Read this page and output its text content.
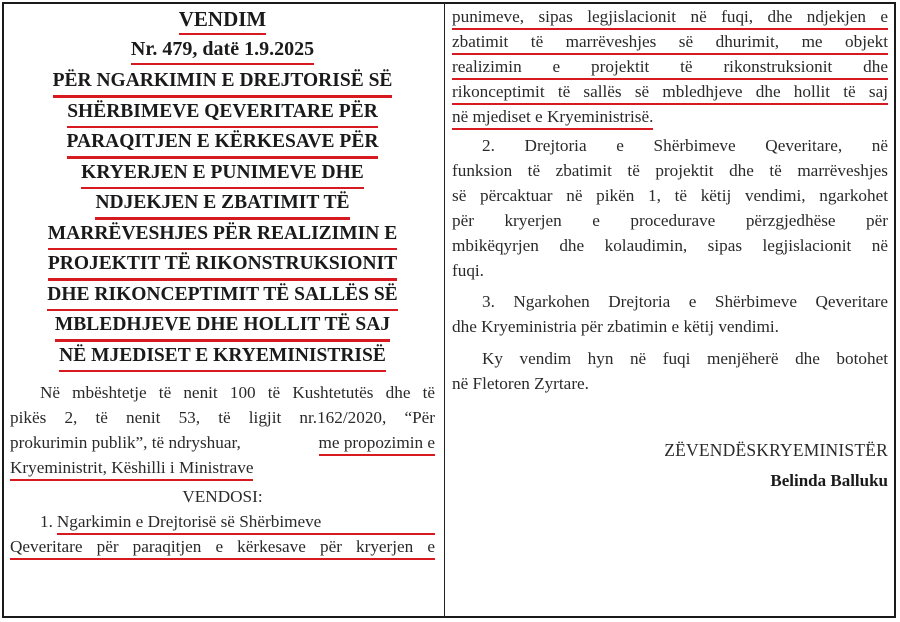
VENDIM
Nr. 479, datë 1.9.2025
PËR NGARKIMIN E DREJTORISË SË
SHËRBIMEVE QEVERITARE PËR
PARAQITJEN E KËRKESAVE PËR
KRYERJEN E PUNIMEVE DHE
NDJEKJEN E ZBATIMIT TË
MARRËVESHJES PËR REALIZIMIN E
PROJEKTIT TË RIKONSTRUKSIONIT
DHE RIKONCEPTIMIT TË SALLËS SË
MBLEDHJEVE DHE HOLLIT TË SAJ
NË MJEDISET E KRYEMINISTRISË
Në mbështetje të nenit 100 të Kushtetutës dhe të
pikës 2, të nenit 53, të ligjit nr.162/2020, “Për
prokurimin publik”, të ndryshuar,	me propozimin e
Kryeministrit, Këshilli i Ministrave
VENDOSI:
1. Ngarkimin e Drejtorisë së Shërbimeve
Qeveritare për paraqitjen e kërkesave për kryerjen e
punimeve, sipas legjislacionit në fuqi, dhe ndjekjen e
zbatimit të marrëveshjes së dhurimit, me objekt
realizimin e projektit të rikonstruksionit dhe
rikonceptimit të sallës së mbledhjeve dhe hollit të saj
në mjediset e Kryeministrisë.
2. Drejtoria e Shërbimeve Qeveritare, në
funksion të zbatimit të projektit dhe të marrëveshjes
së përcaktuar në pikën 1, të këtij vendimi, ngarkohet
për kryerjen e procedurave përzgjedhëse për
mbikëqyrjen dhe kolaudimin, sipas legjislacionit në
fuqi.
3. Ngarkohen Drejtoria e Shërbimeve Qeveritare
dhe Kryeministria për zbatimin e këtij vendimi.
Ky vendim hyn në fuqi menjëherë dhe botohet
në Fletoren Zyrtare.
ZËVENDËSKRYEMINISTËR
Belinda Balluku
